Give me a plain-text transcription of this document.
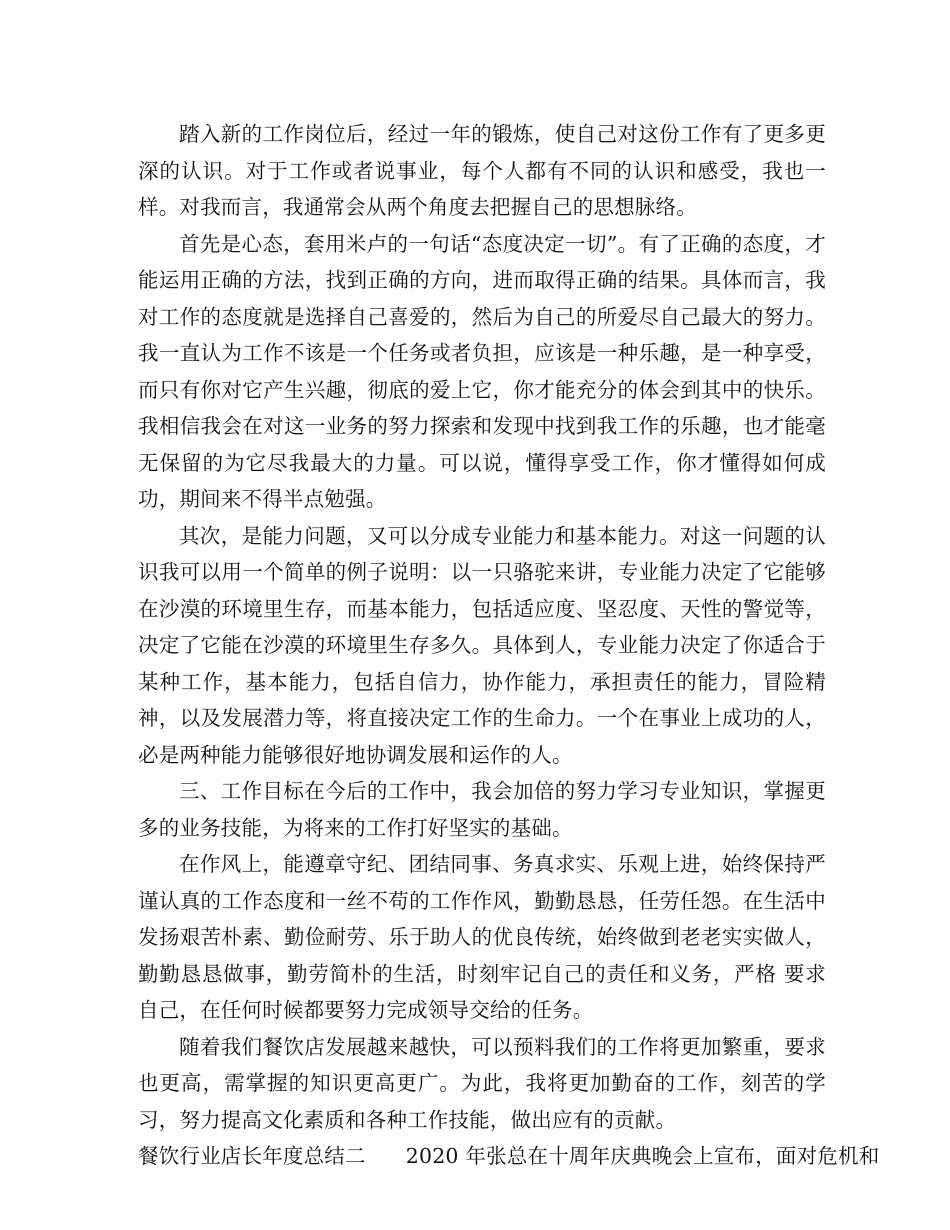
踏入新的工作岗位后，经过一年的锻炼，使自己对这份工作有了更多更深的认识。对于工作或者说事业，每个人都有不同的认识和感受，我也一样。对我而言，我通常会从两个角度去把握自己的思想脉络。

首先是心态，套用米卢的一句话“态度决定一切”。有了正确的态度，才能运用正确的方法，找到正确的方向，进而取得正确的结果。具体而言，我对工作的态度就是选择自己喜爱的，然后为自己的所爱尽自己最大的努力。我一直认为工作不该是一个任务或者负担，应该是一种乐趣，是一种享受，而只有你对它产生兴趣，彻底的爱上它，你才能充分的体会到其中的快乐。我相信我会在对这一业务的努力探索和发现中找到我工作的乐趣，也才能毫无保留的为它尽我最大的力量。可以说，懂得享受工作，你才懂得如何成功，期间来不得半点勉强。

其次，是能力问题，又可以分成专业能力和基本能力。对这一问题的认识我可以用一个简单的例子说明：以一只骆驼来讲，专业能力决定了它能够在沙漠的环境里生存，而基本能力，包括适应度、坚忍度、天性的警觉等，决定了它能在沙漠的环境里生存多久。具体到人，专业能力决定了你适合于某种工作，基本能力，包括自信力，协作能力，承担责任的能力，冒险精神，以及发展潜力等，将直接决定工作的生命力。一个在事业上成功的人，必是两种能力能够很好地协调发展和运作的人。

三、工作目标在今后的工作中，我会加倍的努力学习专业知识，掌握更多的业务技能，为将来的工作打好坚实的基础。

在作风上，能遵章守纪、团结同事、务真求实、乐观上进，始终保持严谨认真的工作态度和一丝不苟的工作作风，勤勤恳恳，任劳任怨。在生活中发扬艰苦朴素、勤俭耐劳、乐于助人的优良传统，始终做到老老实实做人，勤勤恳恳做事，勤劳简朴的生活，时刻牢记自己的责任和义务，严格 要求自己，在任何时候都要努力完成领导交给的任务。

随着我们餐饮店发展越来越快，可以预料我们的工作将更加繁重，要求也更高，需掌握的知识更高更广。为此，我将更加勤奋的工作，刻苦的学习，努力提高文化素质和各种工作技能，做出应有的贡献。

餐饮行业店长年度总结二 2020 年张总在十周年庆典晚会上宣布，面对危机和
